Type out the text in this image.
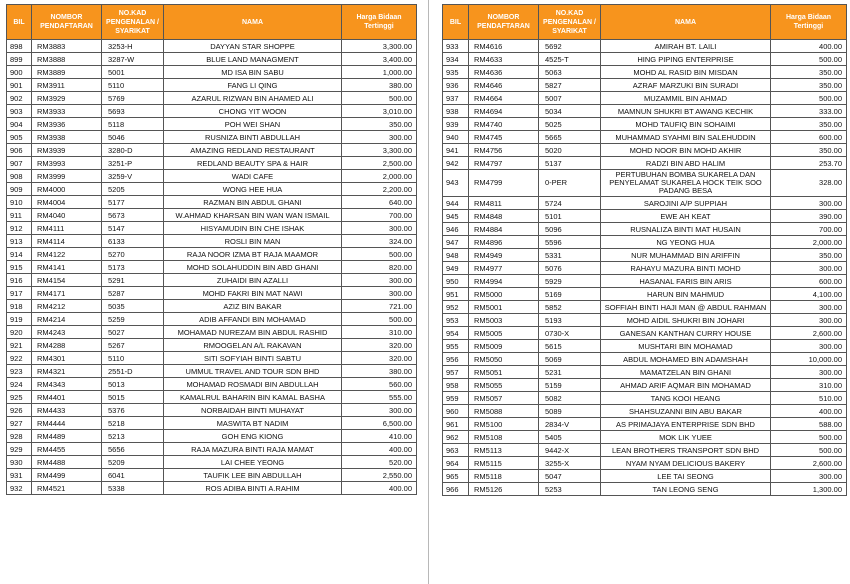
BIL	NOMBOR PENDAFTARAN	NO.KAD PENGENALAN / SYARIKAT	NAMA	Harga Bidaan Tertinggi
898	RM3883	3253-H	DAYYAN STAR SHOPPE	3,300.00
899	RM3888	3287-W	BLUE LAND MANAGMENT	3,400.00
900	RM3889	5001	MD ISA BIN SABU	1,000.00
901	RM3911	5110	FANG LI QING	380.00
902	RM3929	5769	AZARUL RIZWAN BIN AHAMED ALI	500.00
903	RM3933	5693	CHONG YIT WOON	3,010.00
904	RM3936	5118	POH WEI SHAN	350.00
905	RM3938	5046	RUSNIZA BINTI ABDULLAH	300.00
906	RM3939	3280-D	AMAZING REDLAND RESTAURANT	3,300.00
907	RM3993	3251-P	REDLAND BEAUTY SPA & HAIR	2,500.00
908	RM3999	3259-V	WADI CAFE	2,000.00
909	RM4000	5205	WONG HEE HUA	2,200.00
910	RM4004	5177	RAZMAN BIN ABDUL GHANI	640.00
911	RM4040	5673	W.AHMAD KHARSAN BIN WAN WAN ISMAIL	700.00
912	RM4111	5147	HISYAMUDIN BIN CHE ISHAK	300.00
913	RM4114	6133	ROSLI BIN MAN	324.00
914	RM4122	5270	RAJA NOOR IZMA BT RAJA MAAMOR	500.00
915	RM4141	5173	MOHD SOLAHUDDIN BIN ABD GHANI	820.00
916	RM4154	5291	ZUHAIDI BIN AZALLI	300.00
917	RM4171	5287	MOHD FAKRI BIN MAT NAWI	300.00
918	RM4212	5035	AZIZ BIN BAKAR	721.00
919	RM4214	5259	ADIB AFFANDI BIN MOHAMAD	500.00
920	RM4243	5027	MOHAMAD NUREZAM BIN ABDUL RASHID	310.00
921	RM4288	5267	RMOOGELAN A/L RAKAVAN	320.00
922	RM4301	5110	SITI SOFYIAH BINTI SABTU	320.00
923	RM4321	2551-D	UMMUL TRAVEL AND TOUR SDN BHD	380.00
924	RM4343	5013	MOHAMAD ROSMADI BIN ABDULLAH	560.00
925	RM4401	5015	KAMALRUL BAHARIN BIN KAMAL BASHA	555.00
926	RM4433	5376	NORBAIDAH BINTI MUHAYAT	300.00
927	RM4444	5218	MASWITA BT NADIM	6,500.00
928	RM4489	5213	GOH ENG KIONG	410.00
929	RM4455	5656	RAJA MAZURA BINTI RAJA MAMAT	400.00
930	RM4488	5209	LAI CHEE YEONG	520.00
931	RM4499	6041	TAUFIK LEE BIN ABDULLAH	2,550.00
932	RM4521	5338	ROS ADIBA BINTI A.RAHIM	400.00
BIL	NOMBOR PENDAFTARAN	NO.KAD PENGENALAN / SYARIKAT	NAMA	Harga Bidaan Tertinggi
933	RM4616	5692	AMIRAH BT. LAILI	400.00
934	RM4633	4525-T	HING PIPING ENTERPRISE	500.00
935	RM4636	5063	MOHD AL RASID BIN MISDAN	350.00
936	RM4646	5827	AZRAF MARZUKI BIN SURADI	350.00
937	RM4664	5007	MUZAMMIL BIN AHMAD	500.00
938	RM4694	5034	MAMNUN SHUKRI BT AWANG KECHIK	333.00
939	RM4740	5025	MOHD TAUFIQ BIN SOHAIMI	350.00
940	RM4745	5665	MUHAMMAD SYAHMI BIN SALEHUDDIN	600.00
941	RM4756	5020	MOHD NOOR BIN MOHD AKHIR	350.00
942	RM4797	5137	RADZI BIN ABD HALIM	253.70
943	RM4799	0-PER	PERTUBUHAN BOMBA SUKARELA DAN PENYELAMAT SUKARELA HOCK TEIK SOO PADANG BESA	328.00
944	RM4811	5724	SAROJINI A/P SUPPIAH	300.00
945	RM4848	5101	EWE AH KEAT	390.00
946	RM4884	5096	RUSNALIZA BINTI MAT HUSAIN	700.00
947	RM4896	5596	NG YEONG HUA	2,000.00
948	RM4949	5331	NUR MUHAMMAD BIN ARIFFIN	350.00
949	RM4977	5076	RAHAYU MAZURA BINTI MOHD	300.00
950	RM4994	5929	HASANAL FARIS BIN ARIS	600.00
951	RM5000	5169	HARUN BIN MAHMUD	4,100.00
952	RM5001	5852	SOFFIAH BINTI HAJI MAN @ ABDUL RAHMAN	300.00
953	RM5003	5193	MOHD AIDIL SHUKRI BIN JOHARI	300.00
954	RM5005	0730-X	GANESAN KANTHAN CURRY HOUSE	2,600.00
955	RM5009	5615	MUSHTARI BIN MOHAMAD	300.00
956	RM5050	5069	ABDUL MOHAMED BIN ADAMSHAH	10,000.00
957	RM5051	5231	MAMATZELAN BIN GHANI	300.00
958	RM5055	5159	AHMAD ARIF AQMAR BIN MOHAMAD	310.00
959	RM5057	5082	TANG KOOI HEANG	510.00
960	RM5088	5089	SHAHSUZANNI BIN ABU BAKAR	400.00
961	RM5100	2834-V	AS PRIMAJAYA ENTERPRISE SDN BHD	588.00
962	RM5108	5405	MOK LIK YUEE	500.00
963	RM5113	9442-X	LEAN BROTHERS TRANSPORT SDN BHD	500.00
964	RM5115	3255-X	NYAM NYAM DELICIOUS BAKERY	2,600.00
965	RM5118	5047	LEE TAI SEONG	300.00
966	RM5126	5253	TAN LEONG SENG	1,300.00
